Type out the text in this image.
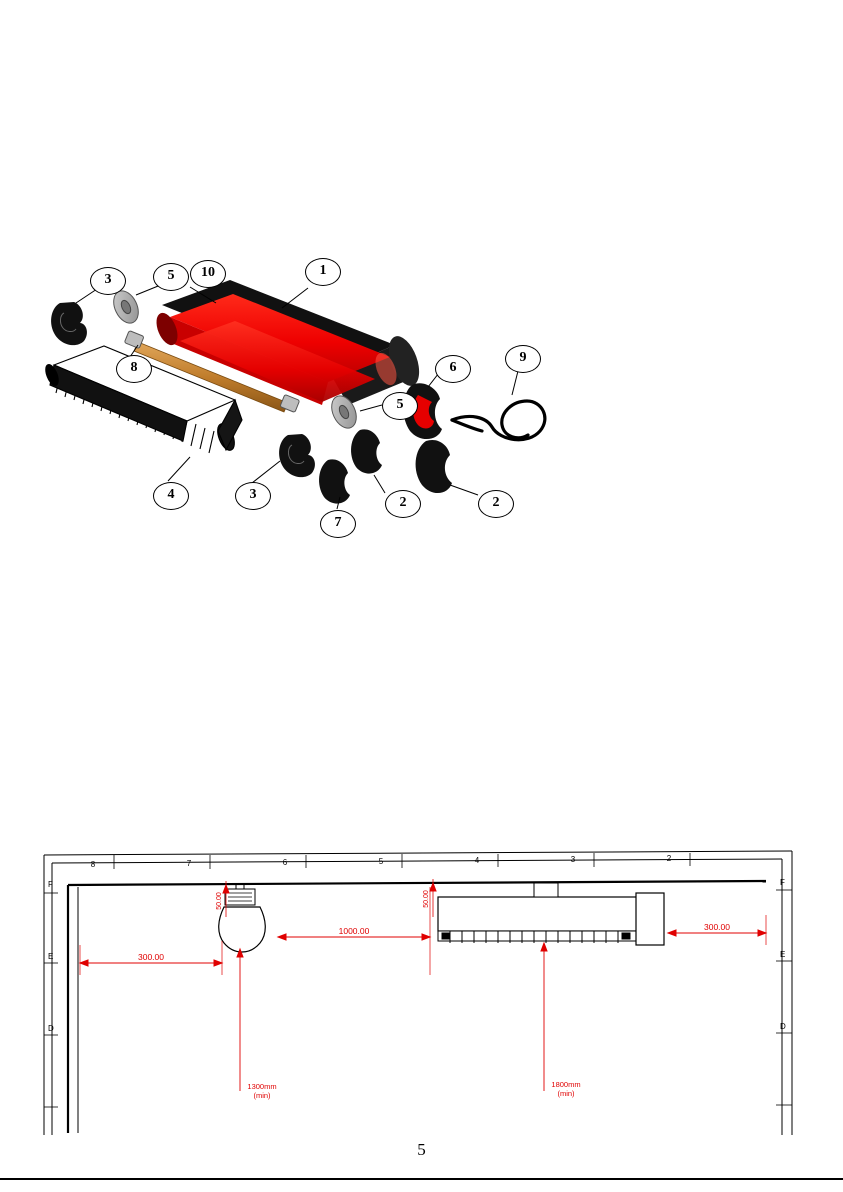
3	5	10	1
8
5
6
9
4	3
7
2	2
8	7	6	5	4	3	2
F
E
D
F
E
D
300.00
1000.00	300.00
50.00	50.00
1300mm
(min)
1800mm
(min)
5
